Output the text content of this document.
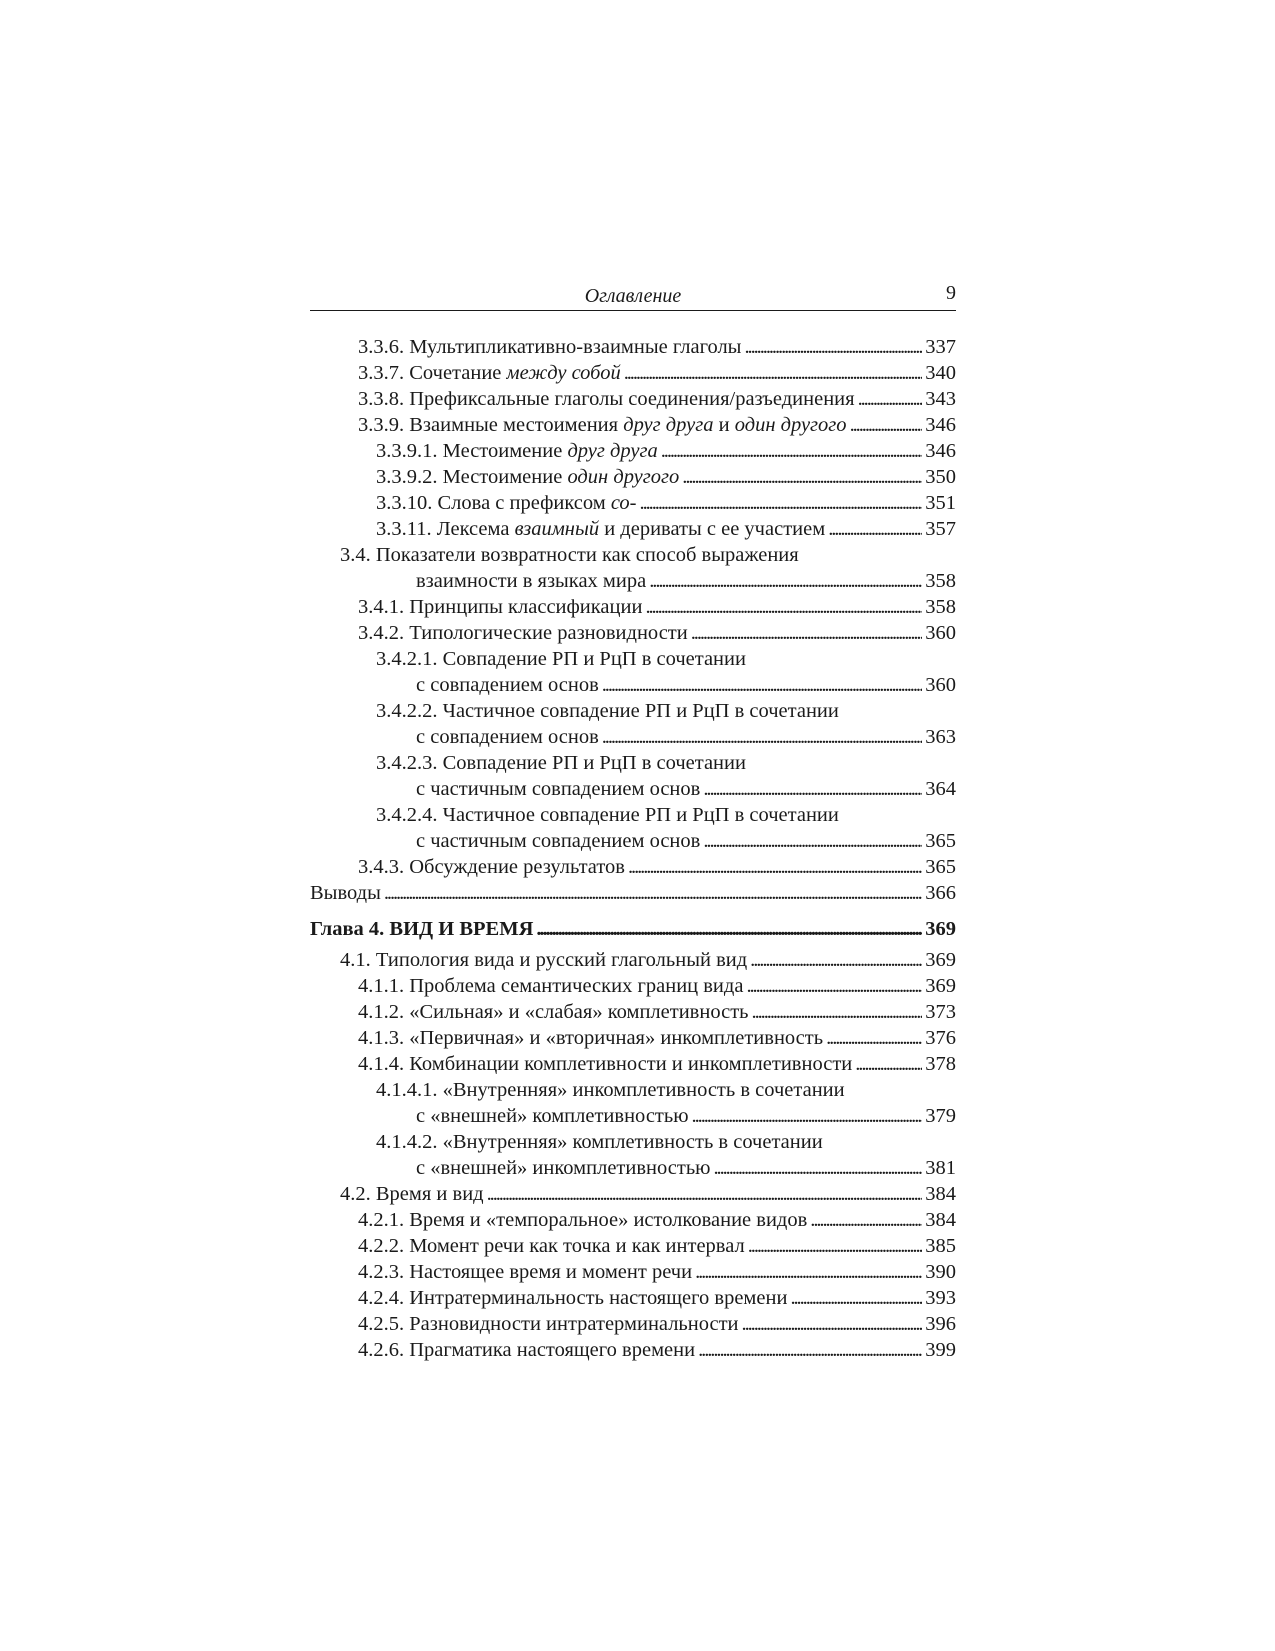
Оглавление	9
3.3.6. Мультипликативно-взаимные глаголы . . .	337
3.3.7. Сочетание между собой . . .	340
3.3.8. Префиксальные глаголы соединения/разъединения . . .	343
3.3.9. Взаимные местоимения друг друга и один другого . . .	346
3.3.9.1. Местоимение друг друга . . .	346
3.3.9.2. Местоимение один другого . . .	350
3.3.10. Слова с префиксом со- . . .	351
3.3.11. Лексема взаимный и дериваты с ее участием . . .	357
3.4. Показатели возвратности как способ выражения
взаимности в языках мира . . .	358
3.4.1. Принципы классификации . . .	358
3.4.2. Типологические разновидности . . .	360
3.4.2.1. Совпадение РП и РцП в сочетании
с совпадением основ . . .	360
3.4.2.2. Частичное совпадение РП и РцП в сочетании
с совпадением основ . . .	363
3.4.2.3. Совпадение РП и РцП в сочетании
с частичным совпадением основ . . .	364
3.4.2.4. Частичное совпадение РП и РцП в сочетании
с частичным совпадением основ . . .	365
3.4.3. Обсуждение результатов . . .	365
Выводы . . .	366
Глава 4. ВИД И ВРЕМЯ . . .	369
4.1. Типология вида и русский глагольный вид . . .	369
4.1.1. Проблема семантических границ вида . . .	369
4.1.2. «Сильная» и «слабая» комплетивность . . .	373
4.1.3. «Первичная» и «вторичная» инкомплетивность . . .	376
4.1.4. Комбинации комплетивности и инкомплетивности . . .	378
4.1.4.1. «Внутренняя» инкомплетивность в сочетании
с «внешней» комплетивностью . . .	379
4.1.4.2. «Внутренняя» комплетивность в сочетании
с «внешней» инкомплетивностью . . .	381
4.2. Время и вид . . .	384
4.2.1. Время и «темпоральное» истолкование видов . . .	384
4.2.2. Момент речи как точка и как интервал . . .	385
4.2.3. Настоящее время и момент речи . . .	390
4.2.4. Интратерминальность настоящего времени . . .	393
4.2.5. Разновидности интратерминальности . . .	396
4.2.6. Прагматика настоящего времени . . .	399
